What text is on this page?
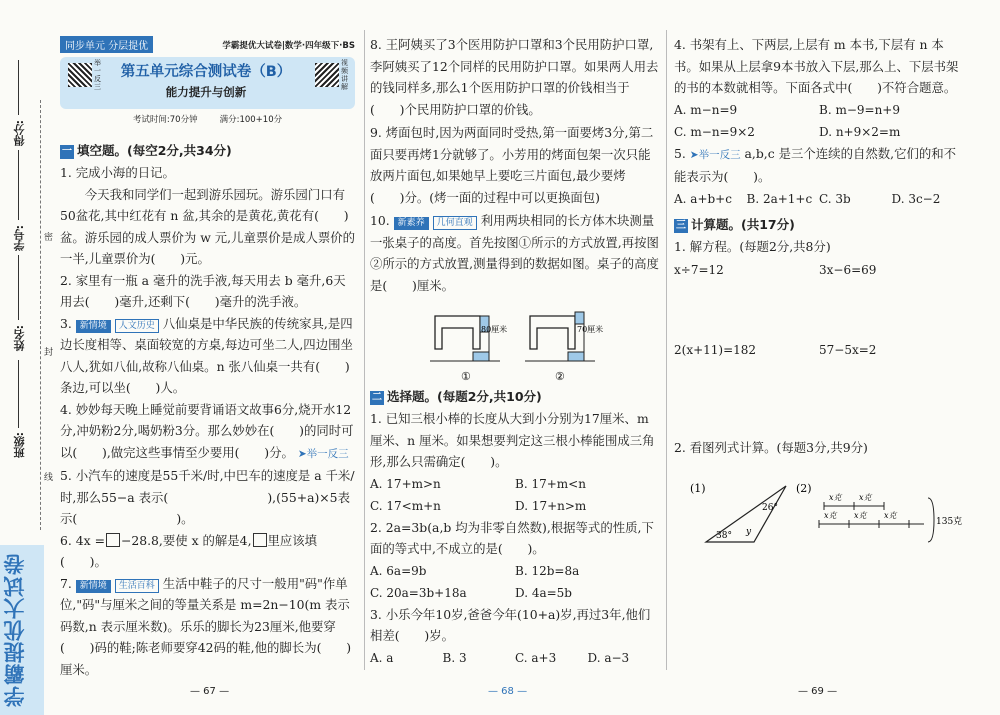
得分:
学号:
姓名:
班级:
密
封
线
学霸提优大试卷
同步单元 分层提优	学霸提优大试卷|数学·四年级下·BS
举一反三
第五单元综合测试卷（B）
能力提升与创新
视频讲解
考试时间:70分钟	满分:100+10分
一 填空题。(每空2分,共34分)

1. 完成小海的日记。
今天我和同学们一起到游乐园玩。游乐园门口有50盆花,其中红花有 n 盆,其余的是黄花,黄花有(　　)盆。游乐园的成人票价为 w 元,儿童票价是成人票价的一半,儿童票价为(　　)元。

2. 家里有一瓶 a 毫升的洗手液,每天用去 b 毫升,6天用去(　　)毫升,还剩下(　　)毫升的洗手液。

3. 新情境 人文历史 八仙桌是中华民族的传统家具,是四边长度相等、桌面较宽的方桌,每边可坐二人,四边围坐八人,犹如八仙,故称八仙桌。n 张八仙桌一共有(　　)条边,可以坐(　　)人。

4. 妙妙每天晚上睡觉前要背诵语文故事6分,烧开水12分,冲奶粉2分,喝奶粉3分。那么妙妙在(　　)的同时可以(　　),做完这些事情至少要用(　　)分。 ➤举一反三

5. 小汽车的速度是55千米/时,中巴车的速度是 a 千米/时,那么55−a 表示(　　　　　　　　),(55+a)×5表示(　　　　　　　　)。

6. 4x = −28.8,要使 x 的解是4, 里应该填(　　)。

7. 新情境 生活百科 生活中鞋子的尺寸一般用"码"作单位,"码"与厘米之间的等量关系是 m=2n−10(m 表示码数,n 表示厘米数)。乐乐的脚长为23厘米,他要穿(　　)码的鞋;陈老师要穿42码的鞋,他的脚长为(　　)厘米。

— 67 —

8. 王阿姨买了3个医用防护口罩和3个民用防护口罩,李阿姨买了12个同样的民用防护口罩。如果两人用去的钱同样多,那么1个医用防护口罩的价钱相当于(　　)个民用防护口罩的价钱。

9. 烤面包时,因为两面同时受热,第一面要烤3分,第二面只要再烤1分就够了。小芳用的烤面包架一次只能放两片面包,如果她早上要吃三片面包,最少要烤(　　)分。(烤一面的过程中可以更换面包)

10. 新素养 几何直观 利用两块相同的长方体木块测量一张桌子的高度。首先按图①所示的方式放置,再按图②所示的方式放置,测量得到的数据如图。桌子的高度是(　　)厘米。

80厘米	70厘米
①	②
二 选择题。(每题2分,共10分)

1. 已知三根小棒的长度从大到小分别为17厘米、m 厘米、n 厘米。如果想要判定这三根小棒能围成三角形,那么只需确定(　　)。

A. 17+m>n	B. 17+m<n
C. 17<m+n	D. 17+n>m

2. 2a=3b(a,b 均为非零自然数),根据等式的性质,下面的等式中,不成立的是(　　)。

A. 6a=9b	B. 12b=8a
C. 20a=3b+18a	D. 4a=5b

3. 小乐今年10岁,爸爸今年(10+a)岁,再过3年,他们相差(　　)岁。

A. a	B. 3	C. a+3	D. a−3
— 68 —

4. 书架有上、下两层,上层有 m 本书,下层有 n 本书。如果从上层拿9本书放入下层,那么上、下层书架的书的本数就相等。下面各式中(　　)不符合题意。

A. m−n=9	B. m−9=n+9
C. m−n=9×2	D. n+9×2=m

5. ➤举一反三 a,b,c 是三个连续的自然数,它们的和不能表示为(　　)。

A. a+b+c	B. 2a+1+c C. 3b	D. 3c−2
三 计算题。(共17分)

1. 解方程。(每题2分,共8分)

x÷7=12	3x−6=69
2(x+11)=182	57−5x=2

2. 看图列式计算。(每题3分,共9分)

(1)
26°
38° y
(2)
x克 x克
x克 x克 x克
135克
— 69 —
